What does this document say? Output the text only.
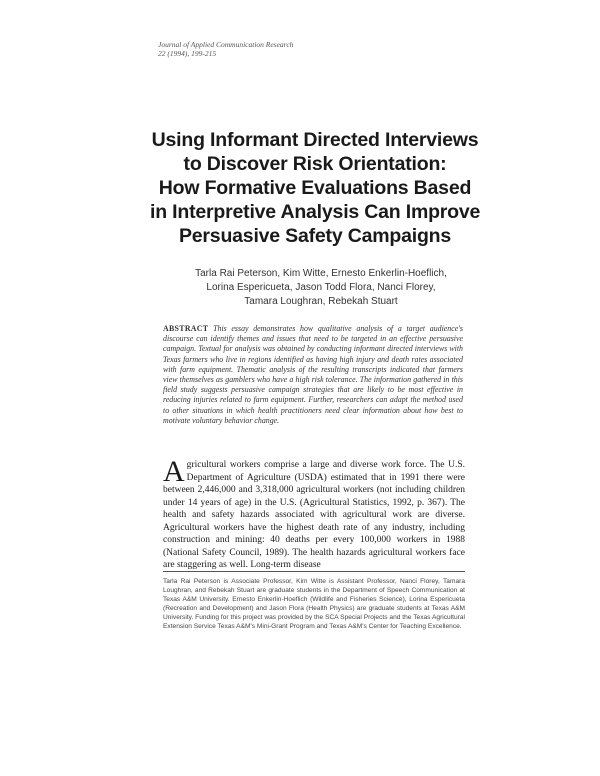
Journal of Applied Communication Research
22 (1994), 199-215
Using Informant Directed Interviews
to Discover Risk Orientation:
How Formative Evaluations Based
in Interpretive Analysis Can Improve
Persuasive Safety Campaigns
Tarla Rai Peterson, Kim Witte, Ernesto Enkerlin-Hoeflich,
Lorina Espericueta, Jason Todd Flora, Nanci Florey,
Tamara Loughran, Rebekah Stuart
ABSTRACT This essay demonstrates how qualitative analysis of a target audience's discourse can identify themes and issues that need to be targeted in an effective persuasive campaign. Textual for analysis was obtained by conducting informant directed interviews with Texas farmers who live in regions identified as having high injury and death rates associated with farm equipment. Thematic analysis of the resulting transcripts indicated that farmers view themselves as gamblers who have a high risk tolerance. The information gathered in this field study suggests persuasive campaign strategies that are likely to be most effective in reducing injuries related to farm equipment. Further, researchers can adapt the method used to other situations in which health practitioners need clear information about how best to motivate voluntary behavior change.
A gricultural workers comprise a large and diverse work force. The U.S. Department of Agriculture (USDA) estimated that in 1991 there were between 2,446,000 and 3,318,000 agricultural workers (not including children under 14 years of age) in the U.S. (Agricultural Statistics, 1992, p. 367). The health and safety hazards associated with agricultural work are diverse. Agricultural workers have the highest death rate of any industry, including construction and mining: 40 deaths per every 100,000 workers in 1988 (National Safety Council, 1989). The health hazards agricultural workers face are staggering as well. Long-term disease
Tarla Rai Peterson is Associate Professor, Kim Witte is Assistant Professor, Nanci Florey, Tamara Loughran, and Rebekah Stuart are graduate students in the Department of Speech Communication at Texas A&M University. Ernesto Enkerlin-Hoeflich (Wildlife and Fisheries Science), Lorina Espericueta (Recreation and Development) and Jason Flora (Health Physics) are graduate students at Texas A&M University. Funding for this project was provided by the SCA Special Projects and the Texas Agricultural Extension Service Texas A&M's Mini-Grant Program and Texas A&M's Center for Teaching Excellence.
